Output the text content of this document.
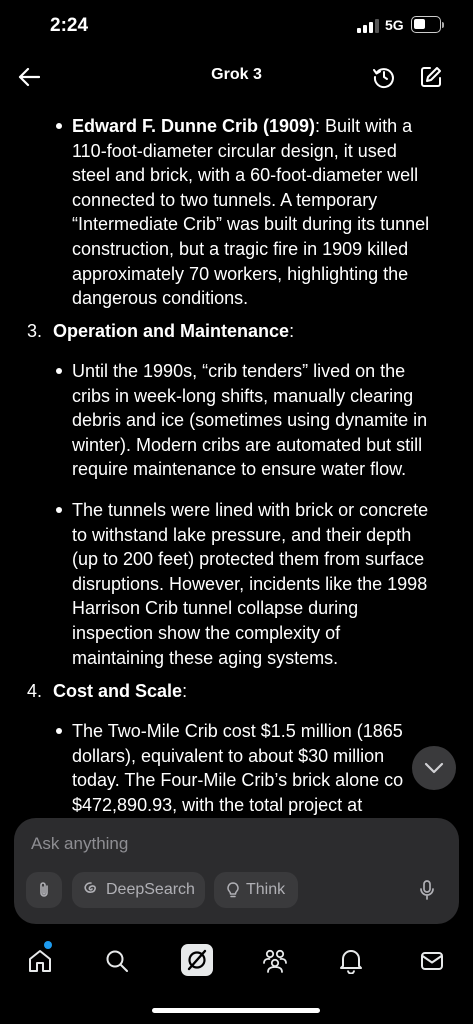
2:24	5G
Grok 3
Edward F. Dunne Crib (1909): Built with a
110-foot-diameter circular design, it used
steel and brick, with a 60-foot-diameter well
connected to two tunnels. A temporary
“Intermediate Crib” was built during its tunnel
construction, but a tragic fire in 1909 killed
approximately 70 workers, highlighting the
dangerous conditions.
3. Operation and Maintenance:
Until the 1990s, “crib tenders” lived on the
cribs in week-long shifts, manually clearing
debris and ice (sometimes using dynamite in
winter). Modern cribs are automated but still
require maintenance to ensure water flow.
The tunnels were lined with brick or concrete
to withstand lake pressure, and their depth
(up to 200 feet) protected them from surface
disruptions. However, incidents like the 1998
Harrison Crib tunnel collapse during
inspection show the complexity of
maintaining these aging systems.
4. Cost and Scale:
The Two-Mile Crib cost $1.5 million (1865
dollars), equivalent to about $30 million
today. The Four-Mile Crib’s brick alone co
$472,890.93, with the total project at
Ask anything
DeepSearch	Think
